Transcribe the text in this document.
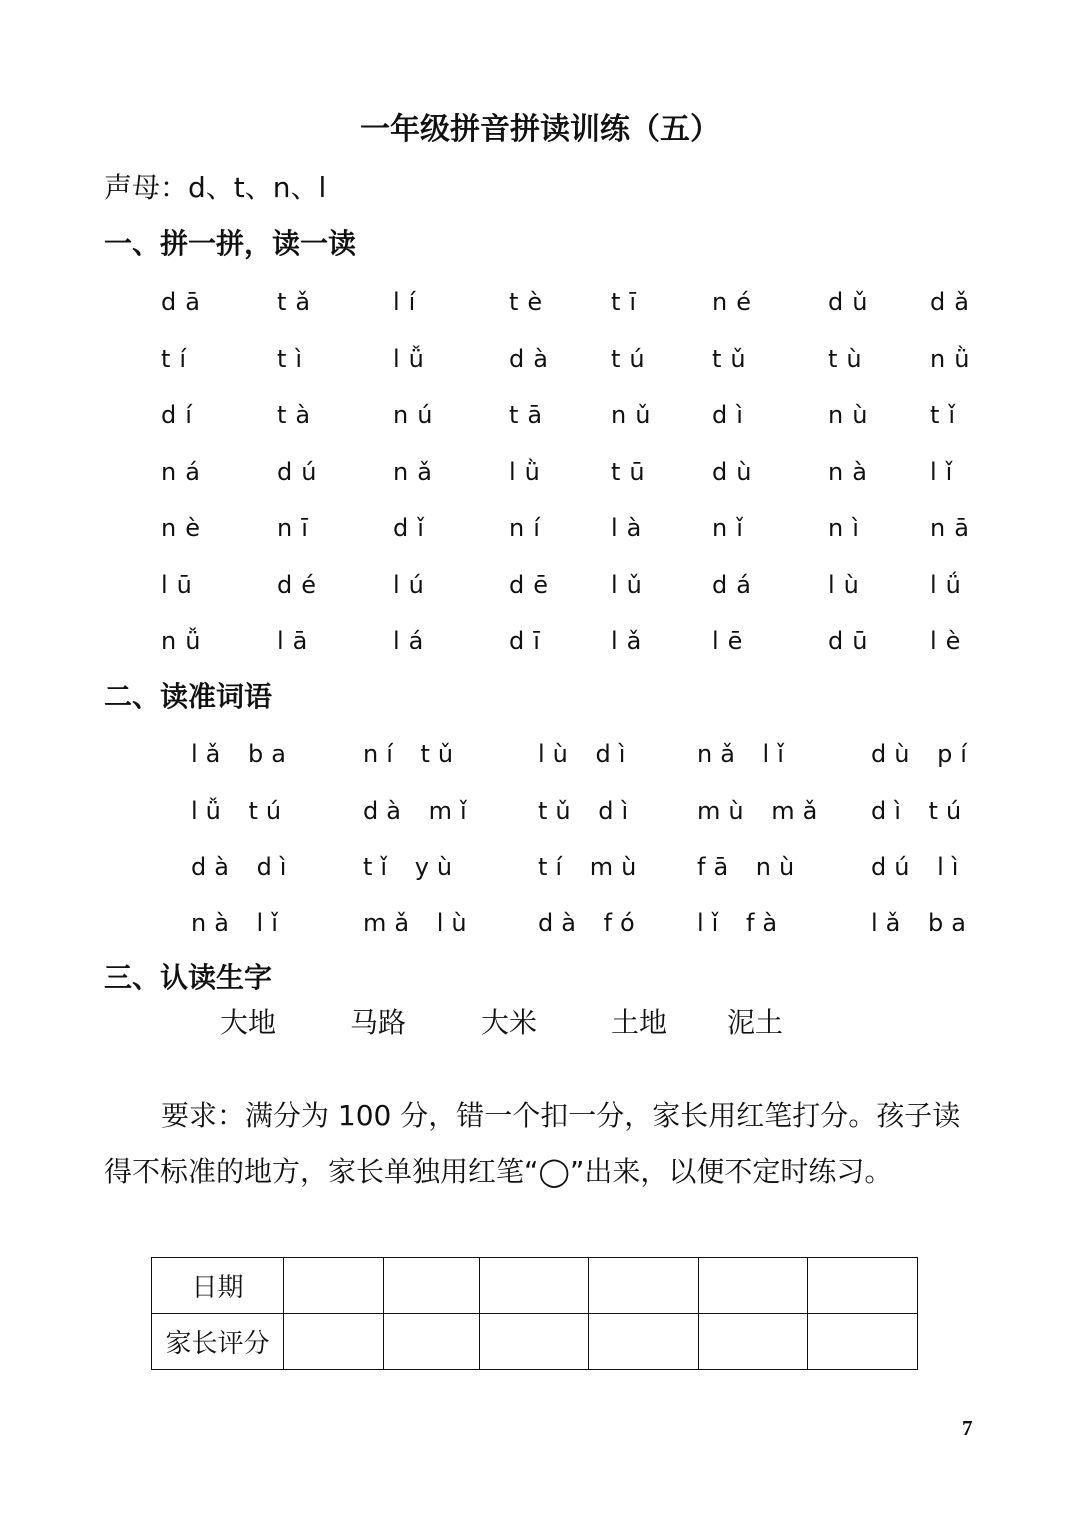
一年级拼音拼读训练（五）
声母：d、t、n、l
一、拼一拼，读一读
dā	tǎ	lí	tè	tī	né	dǔ	dǎ
tí	tì	lǚ	dà	tú	tǔ	tù	nǜ
dí	tà	nú	tā	nǔ	dì	nù	tǐ
ná	dú	nǎ	lǜ	tū	dù	nà	lǐ
nè	nī	dǐ	ní	là	nǐ	nì	nā
lū	dé	lú	dē	lǔ	dá	lù	lǘ
nǚ	lā	lá	dī	lǎ	lē	dū	lè
二、读准词语
lǎ ba	ní tǔ	lù dì	nǎ lǐ	dù pí
lǚ tú	dà mǐ	tǔ dì	mù mǎ	dì tú
dà dì	tǐ yù	tí mù	fā nù	dú lì
nà lǐ	mǎ lù	dà fó	lǐ fà	lǎ ba
三、认读生字
大地	马路	大米	土地	泥土
要求：满分为 100 分，错一个扣一分，家长用红笔打分。孩子读
得不标准的地方，家长单独用红笔“◯”出来，以便不定时练习。
日期						
家长评分						
7
